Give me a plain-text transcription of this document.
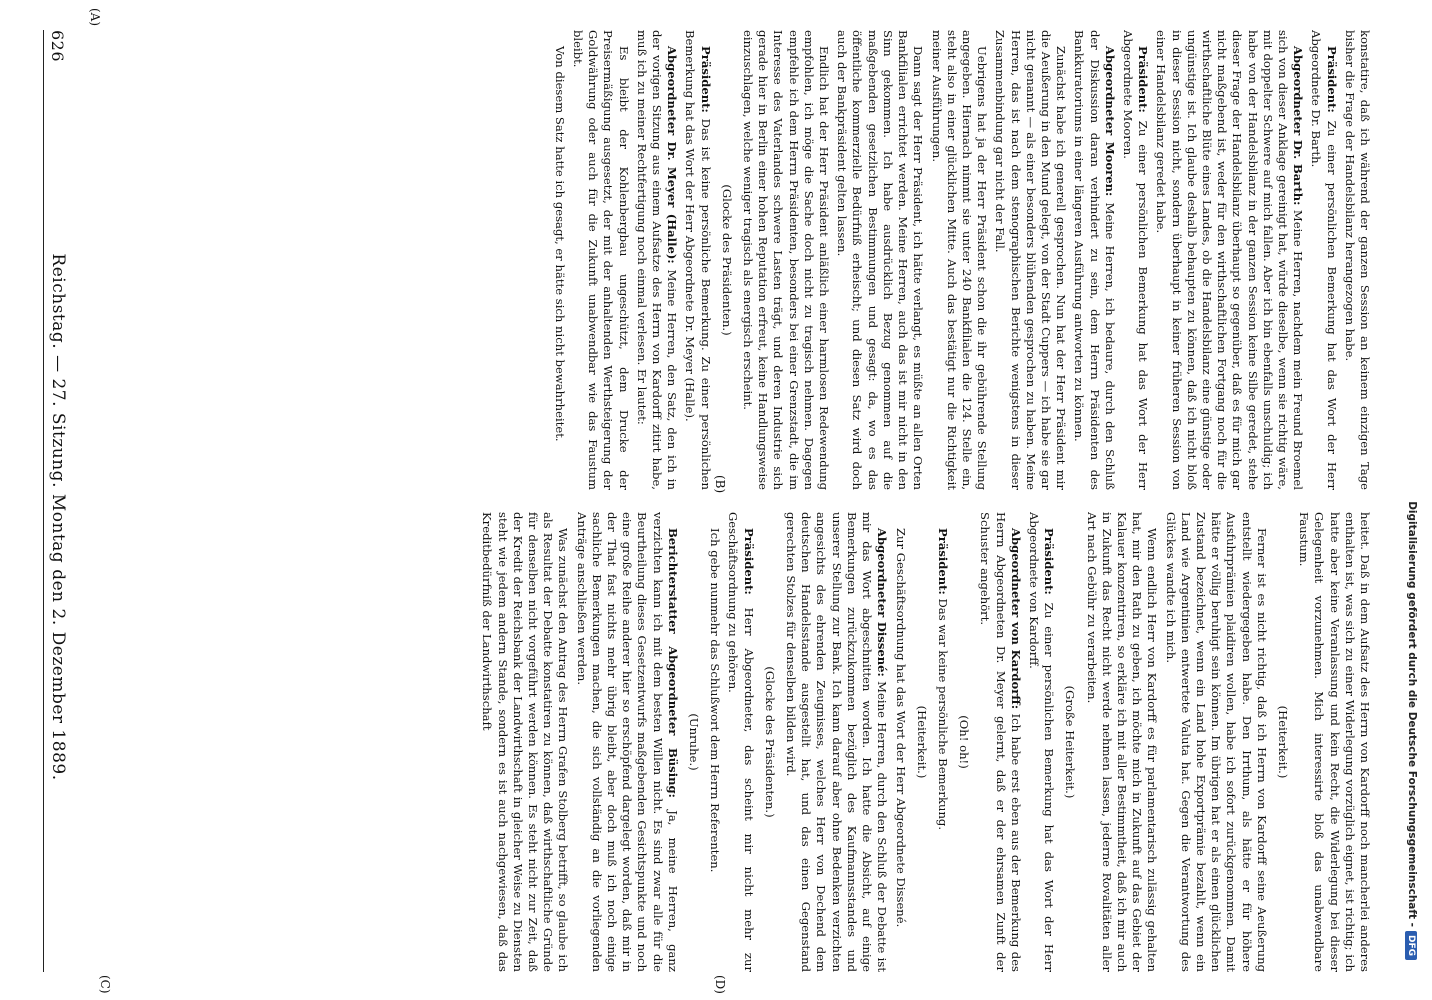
konstatire, daß ich während der ganzen Session an keinem einzigen Tage bisher die Frage der Handelsbilanz herangezogen habe.

Präsident: Zu einer persönlichen Bemerkung hat das Wort der Herr Abgeordnete Dr. Barth.

Abgeordneter Dr. Barth: Meine Herren, nachdem mein Freund Broemel sich von dieser Anklage gereinigt hat, würde dieselbe, wenn sie richtig wäre, mit doppelter Schwere auf mich fallen. Aber ich bin ebenfalls unschuldig; ich habe von der Handelsbilanz in der ganzen Session keine Silbe geredet, stehe dieser Frage der Handelsbilanz überhaupt so gegenüber, daß es für mich gar nicht maßgebend ist, weder für den wirthschaftlichen Fortgang noch für die wirthschaftliche Blüte eines Landes, ob die Handelsbilanz eine günstige oder ungünstige ist. Ich glaube deshalb behaupten zu können, daß ich nicht bloß in dieser Session nicht, sondern überhaupt in keiner früheren Session von einer Handelsbilanz geredet habe.

Präsident: Zu einer persönlichen Bemerkung hat das Wort der Herr Abgeordnete Mooren.

Abgeordneter Mooren: Meine Herren, ich bedaure, durch den Schluß der Diskussion daran verhindert zu sein, dem Herrn Präsidenten des Bankkuratoriums in einer längeren Ausführung antworten zu können.

Zunächst habe ich generell gesprochen. Nun hat der Herr Präsident mir die Aeußerung in den Mund gelegt, von der Stadt Cuppers — ich habe sie gar nicht genannt — als einer besonders blühenden gesprochen zu haben. Meine Herren, das ist nach dem stenographischen Berichte wenigstens in dieser Zusammenbindung gar nicht der Fall.

Uebrigens hat ja der Herr Präsident schon die ihr gebührende Stellung angegeben. Hiernach nimmt sie unter 240 Bankfilialen die 124. Stelle ein, steht also in einer glücklichen Mitte. Auch das bestätigt nur die Richtigkeit meiner Ausführungen.

Dann sagt der Herr Präsident, ich hätte verlangt, es müßte an allen Orten Bankfilialen errichtet werden. Meine Herren, auch das ist mir nicht in den Sinn gekommen. Ich habe ausdrücklich Bezug genommen auf die maßgebenden gesetzlichen Bestimmungen und gesagt: da, wo es das öffentliche kommerzielle Bedürfniß erheischt; und diesen Satz wird doch auch der Bankpräsident gelten lassen.

Endlich hat der Herr Präsident anläßlich einer harmlosen Redewendung empfohlen, ich möge die Sache doch nicht zu tragisch nehmen. Dagegen empfehle ich dem Herrn Präsidenten, besonders bei einer Grenzstadt, die im Interesse des Vaterlandes schwere Lasten trägt, und deren Industrie sich gerade hier in Berlin einer hohen Reputation erfreut, keine Handlungsweise einzuschlagen, welche weniger tragisch als energisch erscheint.

(Glocke des Präsidenten.)

Präsident: Das ist keine persönliche Bemerkung. Zu einer persönlichen Bemerkung hat das Wort der Herr Abgeordnete Dr. Meyer (Halle).

Abgeordneter Dr. Meyer (Halle): Meine Herren, den Satz, den ich in der vorigen Sitzung aus einem Aufsatze des Herrn von Kardorff zitirt habe, muß ich zu meiner Rechtfertigung noch einmal verlesen. Er lautet:

Es bleibt der Kohlenbergbau ungeschützt, dem Drucke der Preisermäßigung ausgesetzt, der mit der anhaltenden Werthsteigerung der Goldwährung oder auch für die Zukunft unabwendbar wie das Faustum bleibt.

Von diesem Satz hatte ich gesagt, er hätte sich nicht bewahrheitet.

heitet. Daß in dem Aufsatz des Herrn von Kardorff noch mancherlei anderes enthalten ist, was sich zu einer Widerlegung vorzüglich eignet, ist richtig; ich hatte aber keine Veranlassung und kein Recht, die Widerlegung bei dieser Gelegenheit vorzunehmen. Mich interessirte bloß das unabwendbare Faustum.

(Heiterkeit.)

Ferner ist es nicht richtig, daß ich Herrn von Kardorff seine Aeußerung entstellt wiedergegeben habe. Den Irrthum, als hätte er für höhere Ausfuhrprämien plaidiren wollen, habe ich sofort zurückgenommen. Damit hätte er völlig beruhigt sein können. Im übrigen hat er als einen glücklichen Zustand bezeichnet, wenn ein Land hohe Exportprämie bezahlt, wenn ein Land wie Argentinien entwertete Valuta hat. Gegen die Verantwortung des Glückes wandte ich mich.

Wenn endlich Herr von Kardorff es für parlamentarisch zulässig gehalten hat, mir den Rath zu geben, ich möchte mich in Zukunft auf das Gebiet der Kalauer konzentriren, so erkläre ich mit aller Bestimmtheit, daß ich mir auch in Zukunft das Recht nicht werde nehmen lassen, jederne Rovalitäten aller Art nach Gebühr zu verarbeiten.

(Große Heiterkeit.)

Präsident: Zu einer persönlichen Bemerkung hat das Wort der Herr Abgeordnete von Kardorff.

Abgeordneter von Kardorff: Ich habe erst eben aus der Bemerkung des Herrn Abgeordneten Dr. Meyer gelernt, daß er der ehrsamen Zunft der Schuster angehört.

(Oh! oh!)

Präsident: Das war keine persönliche Bemerkung.

(Heiterkeit.)

Zur Geschäftsordnung hat das Wort der Herr Abgeordnete Dissené.

Abgeordneter Dissené: Meine Herren, durch den Schluß der Debatte ist mir das Wort abgeschnitten worden. Ich hatte die Absicht, auf einige Bemerkungen zurückzukommen bezüglich des Kaufmannsstandes und unserer Stellung zur Bank. Ich kann darauf aber ohne Bedenken verzichten angesichts des ehrenden Zeugnisses, welches Herr von Dechend dem deutschen Handelsstande ausgestellt hat, und das einen Gegenstand gerechten Stolzes für denselben bilden wird.

(Glocke des Präsidenten.)

Präsident: Herr Abgeordneter, das scheint mir nicht mehr zur Geschäftsordnung zu gehören.

Ich gebe nunmehr das Schlußwort dem Herrn Referenten.

(Unruhe.)

Berichterstatter Abgeordneter Büsing: Ja, meine Herren, ganz verzichten kann ich mit dem besten Willen nicht. Es sind zwar alle für die Beurtheilung dieses Gesetzentwurfs maßgebenden Gesichtspunkte und noch eine große Reihe anderer hier so erschöpfend dargelegt worden, daß mir in der That fast nichts mehr übrig bleibt, aber doch muß ich noch einige sachliche Bemerkungen machen, die sich vollständig an die vorliegenden Anträge anschließen werden.

Was zunächst den Antrag des Herrn Grafen Stolberg betrifft, so glaube ich als Resultat der Debatte konstatiren zu können, daß wirthschaftliche Gründe für denselben nicht vorgeführt werden können. Es steht nicht zur Zeit, daß der Kredit der Reichsbank der Landwirthschaft in gleicher Weise zu Diensten steht wie jedem andern Stande, sondern es ist auch nachgewiesen, daß das Kreditbedürfniß der Landwirthschaft

626
Reichstag. — 27. Sitzung. Montag den 2. Dezember 1889.
(A)
(B)
(C)	(D)
Digitalisierung gefördert durch die Deutsche Forschungsgemeinschaft -DFG
